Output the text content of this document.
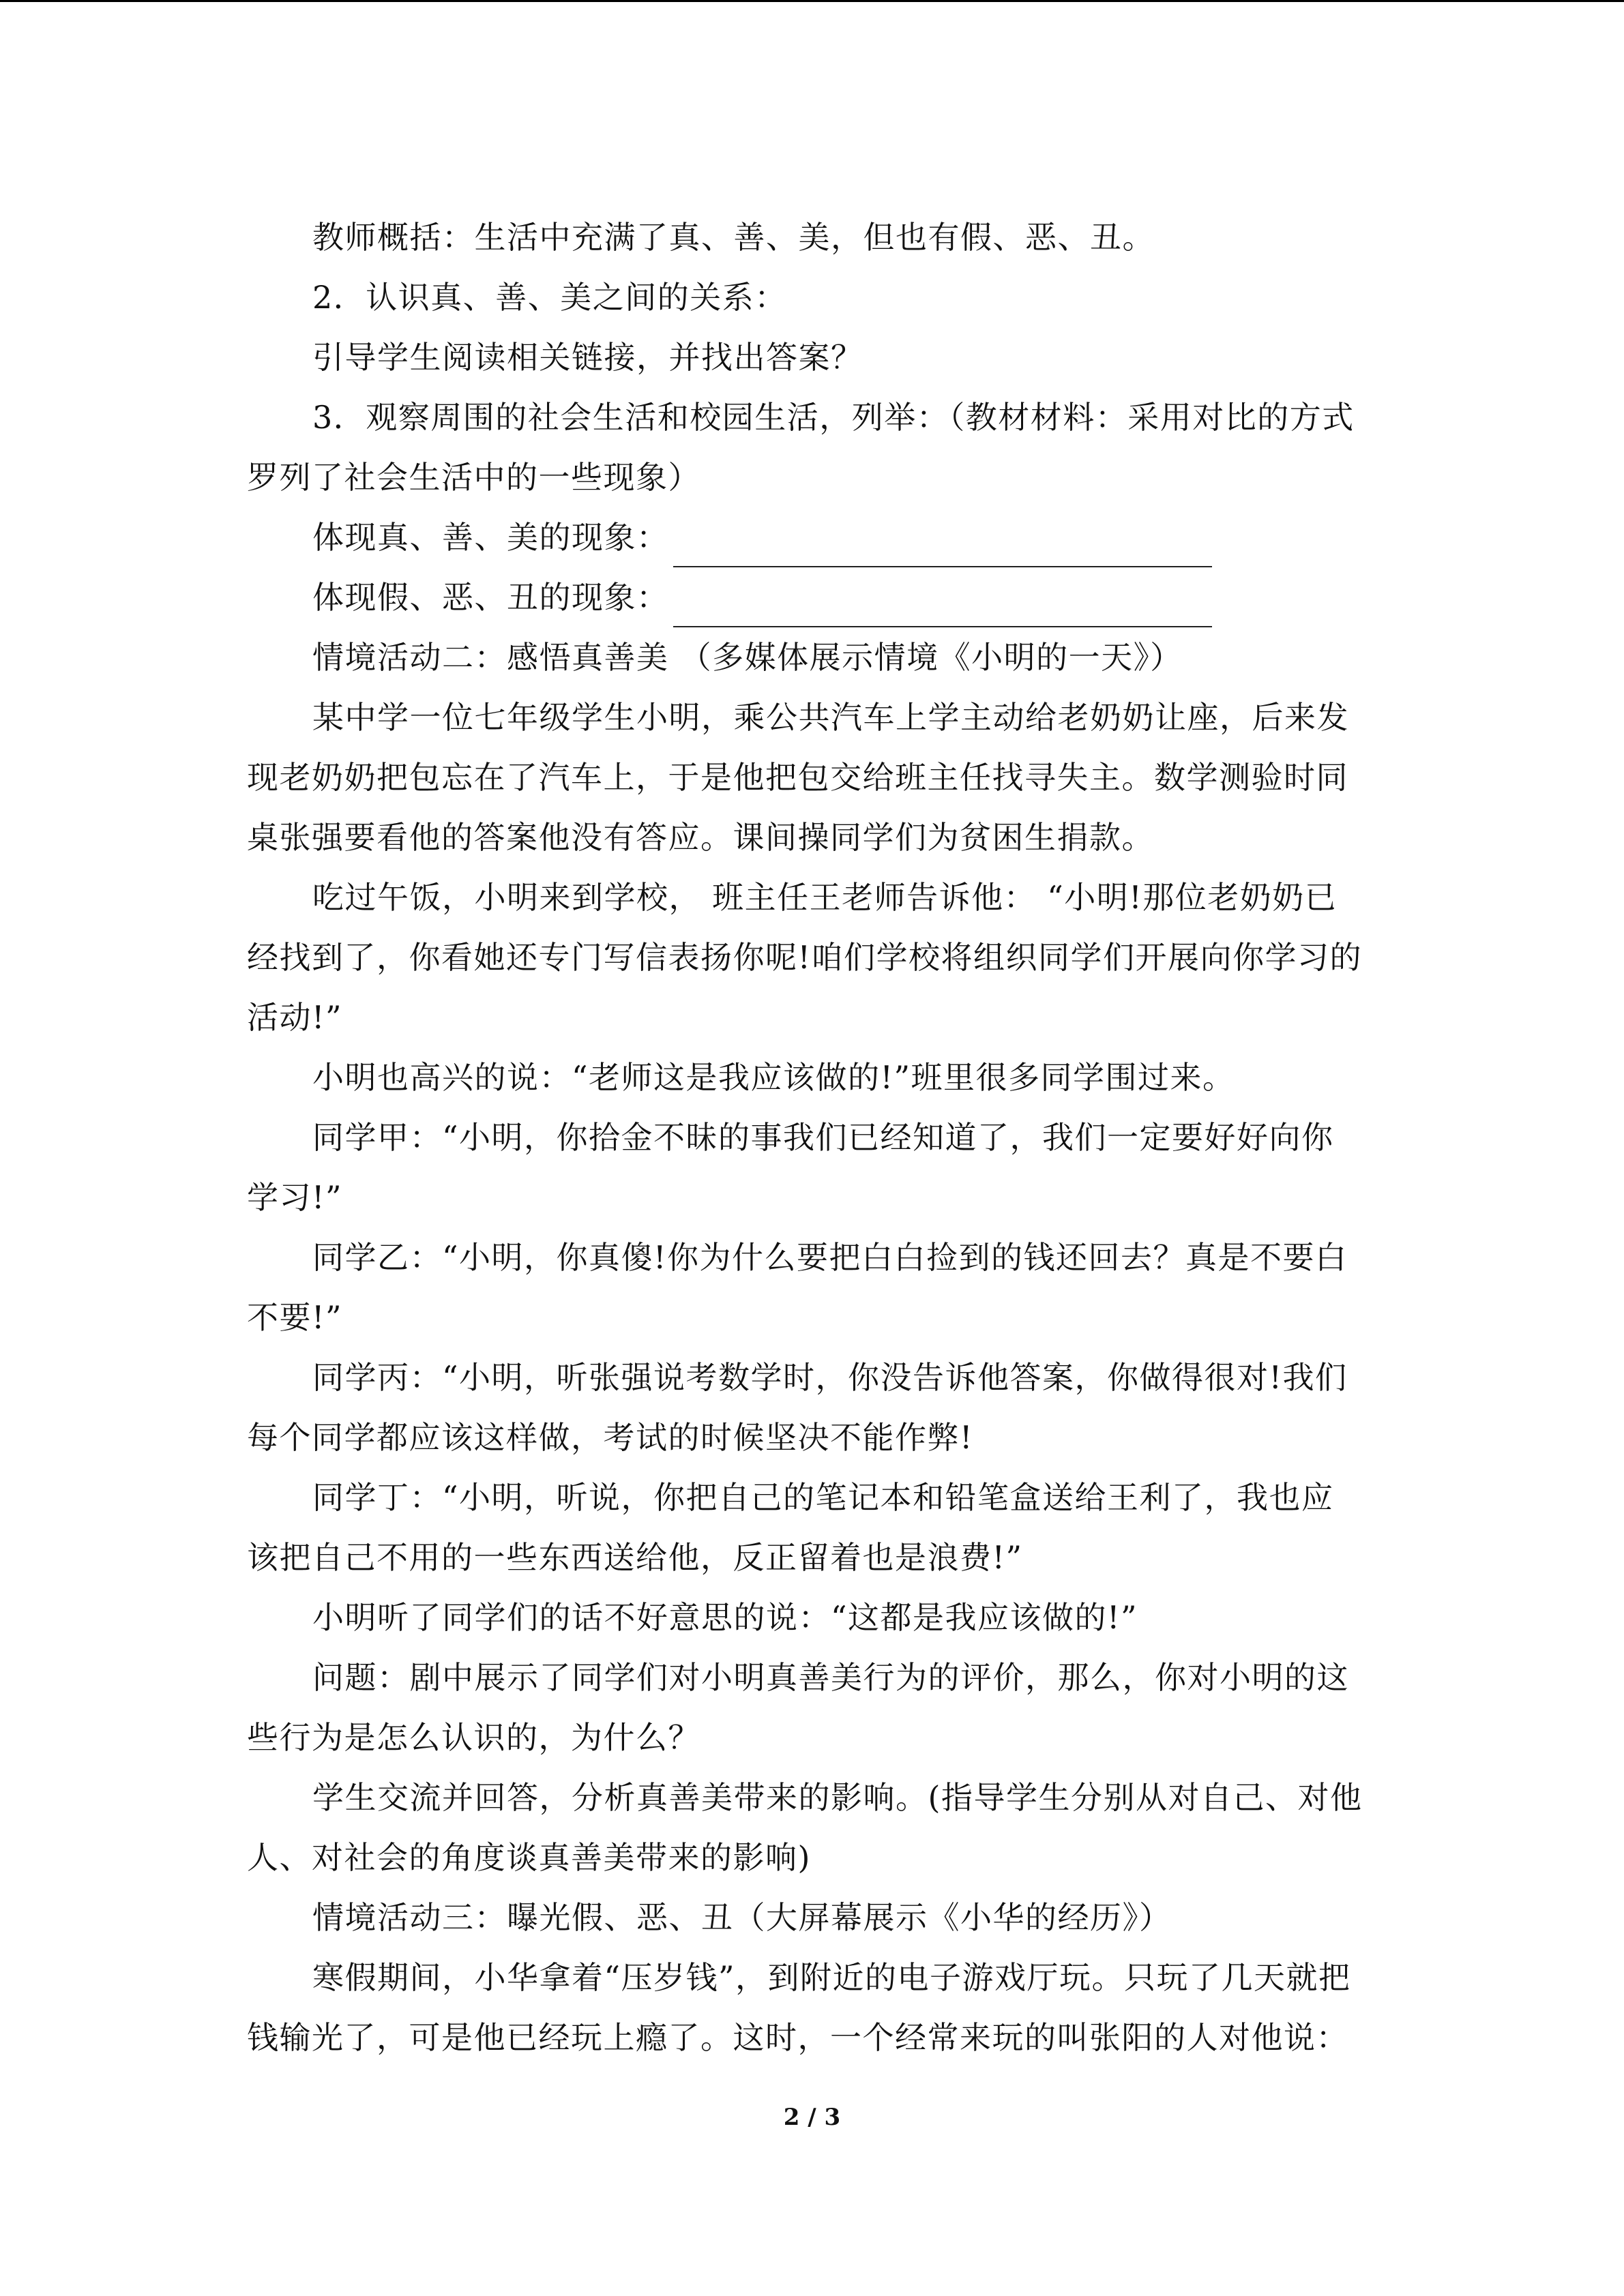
教师概括：生活中充满了真、善、美，但也有假、恶、丑。
2．认识真、善、美之间的关系：
引导学生阅读相关链接，并找出答案？
3．观察周围的社会生活和校园生活，列举：（教材材料：采用对比的方式
罗列了社会生活中的一些现象）
体现真、善、美的现象：
体现假、恶、丑的现象：
情境活动二：感悟真善美 （多媒体展示情境《小明的一天》）
某中学一位七年级学生小明，乘公共汽车上学主动给老奶奶让座，后来发
现老奶奶把包忘在了汽车上，于是他把包交给班主任找寻失主。数学测验时同
桌张强要看他的答案他没有答应。课间操同学们为贫困生捐款。
吃过午饭，小明来到学校， 班主任王老师告诉他： “小明!那位老奶奶已
经找到了，你看她还专门写信表扬你呢!咱们学校将组织同学们开展向你学习的
活动!”
小明也高兴的说：“老师这是我应该做的!”班里很多同学围过来。
同学甲：“小明，你拾金不昧的事我们已经知道了，我们一定要好好向你
学习!”
同学乙：“小明，你真傻!你为什么要把白白捡到的钱还回去？真是不要白
不要!”
同学丙：“小明，听张强说考数学时，你没告诉他答案，你做得很对!我们
每个同学都应该这样做，考试的时候坚决不能作弊!
同学丁：“小明，听说，你把自己的笔记本和铅笔盒送给王利了，我也应
该把自己不用的一些东西送给他，反正留着也是浪费!”
小明听了同学们的话不好意思的说：“这都是我应该做的!”
问题：剧中展示了同学们对小明真善美行为的评价，那么，你对小明的这
些行为是怎么认识的，为什么？
学生交流并回答，分析真善美带来的影响。(指导学生分别从对自己、对他
人、对社会的角度谈真善美带来的影响)
情境活动三：曝光假、恶、丑（大屏幕展示《小华的经历》）
寒假期间，小华拿着“压岁钱”，到附近的电子游戏厅玩。只玩了几天就把
钱输光了，可是他已经玩上瘾了。这时，一个经常来玩的叫张阳的人对他说：
2 / 3
